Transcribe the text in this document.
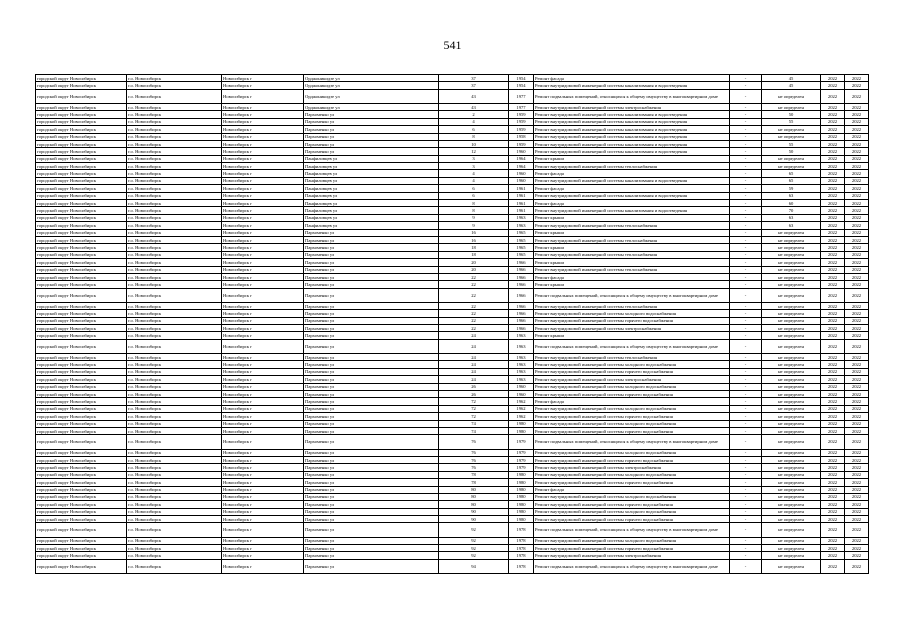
541
городской округ Новосибирск	г.о. Новосибирск	Новосибирск г	Орджоникидзе ул	37	1954	Ремонт фасада	-	45	2022	2022
городской округ Новосибирск	г.о. Новосибирск	Новосибирск г	Орджоникидзе ул	37	1954	Ремонт внутридомовой инженерной системы канализования и водоотведения	-	45	2022	2022
городской округ Новосибирск	г.о. Новосибирск	Новосибирск г	Орджоникидзе ул	43	1977	Ремонт подвальных помещений, относящихся к общему имуществу в многоквартирном доме	-	не определен	2022	2022
городской округ Новосибирск	г.о. Новосибирск	Новосибирск г	Орджоникидзе ул	43	1977	Ремонт внутридомовой инженерной системы электроснабжения	-	не определен	2022	2022
городской округ Новосибирск	г.о. Новосибирск	Новосибирск г	Пархоменко ул	2	1959	Ремонт внутридомовой инженерной системы канализования и водоотведения	-	50	2022	2022
городской округ Новосибирск	г.о. Новосибирск	Новосибирск г	Пархоменко ул	4	1959	Ремонт внутридомовой инженерной системы канализования и водоотведения	-	55	2022	2022
городской округ Новосибирск	г.о. Новосибирск	Новосибирск г	Пархоменко ул	6	1959	Ремонт внутридомовой инженерной системы канализования и водоотведения	-	не определен	2022	2022
городской округ Новосибирск	г.о. Новосибирск	Новосибирск г	Пархоменко ул	8	1958	Ремонт внутридомовой инженерной системы канализования и водоотведения	-	не определен	2022	2022
городской округ Новосибирск	г.о. Новосибирск	Новосибирск г	Пархоменко ул	10	1959	Ремонт внутридомовой инженерной системы канализования и водоотведения	-	55	2022	2022
городской округ Новосибирск	г.о. Новосибирск	Новосибирск г	Пархоменко ул	12	1960	Ремонт внутридомовой инженерной системы канализования и водоотведения	-	50	2022	2022
городской округ Новосибирск	г.о. Новосибирск	Новосибирск г	Панфиловцев ул	3	1964	Ремонт крыши	-	не определен	2022	2022
городской округ Новосибирск	г.о. Новосибирск	Новосибирск г	Панфиловцев ул	3	1964	Ремонт внутридомовой инженерной системы теплоснабжения	-	не определен	2022	2022
городской округ Новосибирск	г.о. Новосибирск	Новосибирск г	Панфиловцев ул	4	1960	Ремонт фасада	-	65	2022	2022
городской округ Новосибирск	г.о. Новосибирск	Новосибирск г	Панфиловцев ул	4	1960	Ремонт внутридомовой инженерной системы канализования и водоотведения	-	65	2022	2022
городской округ Новосибирск	г.о. Новосибирск	Новосибирск г	Панфиловцев ул	6	1961	Ремонт фасада	-	59	2022	2022
городской округ Новосибирск	г.о. Новосибирск	Новосибирск г	Панфиловцев ул	6	1961	Ремонт внутридомовой инженерной системы канализования и водоотведения	-	63	2022	2022
городской округ Новосибирск	г.о. Новосибирск	Новосибирск г	Панфиловцев ул	8	1961	Ремонт фасада	-	60	2022	2022
городской округ Новосибирск	г.о. Новосибирск	Новосибирск г	Панфиловцев ул	8	1961	Ремонт внутридомовой инженерной системы канализования и водоотведения	-	70	2022	2022
городской округ Новосибирск	г.о. Новосибирск	Новосибирск г	Панфиловцев ул	9	1963	Ремонт крыши	-	63	2022	2022
городской округ Новосибирск	г.о. Новосибирск	Новосибирск г	Панфиловцев ул	9	1963	Ремонт внутридомовой инженерной системы теплоснабжения	-	63	2022	2022
городской округ Новосибирск	г.о. Новосибирск	Новосибирск г	Пархоменко ул	16	1965	Ремонт крыши	-	не определен	2022	2022
городской округ Новосибирск	г.о. Новосибирск	Новосибирск г	Пархоменко ул	16	1965	Ремонт внутридомовой инженерной системы теплоснабжения	-	не определен	2022	2022
городской округ Новосибирск	г.о. Новосибирск	Новосибирск г	Пархоменко ул	18	1965	Ремонт крыши	-	не определен	2022	2022
городской округ Новосибирск	г.о. Новосибирск	Новосибирск г	Пархоменко ул	18	1965	Ремонт внутридомовой инженерной системы теплоснабжения	-	не определен	2022	2022
городской округ Новосибирск	г.о. Новосибирск	Новосибирск г	Пархоменко ул	20	1966	Ремонт крыши	-	не определен	2022	2022
городской округ Новосибирск	г.о. Новосибирск	Новосибирск г	Пархоменко ул	20	1966	Ремонт внутридомовой инженерной системы теплоснабжения	-	не определен	2022	2022
городской округ Новосибирск	г.о. Новосибирск	Новосибирск г	Пархоменко ул	22	1966	Ремонт фасада	-	не определен	2022	2022
городской округ Новосибирск	г.о. Новосибирск	Новосибирск г	Пархоменко ул	22	1966	Ремонт крыши	-	не определен	2022	2022
городской округ Новосибирск	г.о. Новосибирск	Новосибирск г	Пархоменко ул	22	1966	Ремонт подвальных помещений, относящихся к общему имуществу в многоквартирном доме	-	не определен	2022	2022
городской округ Новосибирск	г.о. Новосибирск	Новосибирск г	Пархоменко ул	22	1966	Ремонт внутридомовой инженерной системы теплоснабжения	-	не определен	2022	2022
городской округ Новосибирск	г.о. Новосибирск	Новосибирск г	Пархоменко ул	22	1966	Ремонт внутридомовой инженерной системы холодного водоснабжения	-	не определен	2022	2022
городской округ Новосибирск	г.о. Новосибирск	Новосибирск г	Пархоменко ул	22	1966	Ремонт внутридомовой инженерной системы горячего водоснабжения	-	не определен	2022	2022
городской округ Новосибирск	г.о. Новосибирск	Новосибирск г	Пархоменко ул	22	1966	Ремонт внутридомовой инженерной системы электроснабжения	-	не определен	2022	2022
городской округ Новосибирск	г.о. Новосибирск	Новосибирск г	Пархоменко ул	24	1963	Ремонт крыши	-	не определен	2022	2022
городской округ Новосибирск	г.о. Новосибирск	Новосибирск г	Пархоменко ул	24	1963	Ремонт подвальных помещений, относящихся к общему имуществу в многоквартирном доме	-	не определен	2022	2022
городской округ Новосибирск	г.о. Новосибирск	Новосибирск г	Пархоменко ул	24	1963	Ремонт внутридомовой инженерной системы теплоснабжения	-	не определен	2022	2022
городской округ Новосибирск	г.о. Новосибирск	Новосибирск г	Пархоменко ул	24	1963	Ремонт внутридомовой инженерной системы холодного водоснабжения	-	не определен	2022	2022
городской округ Новосибирск	г.о. Новосибирск	Новосибирск г	Пархоменко ул	24	1963	Ремонт внутридомовой инженерной системы горячего водоснабжения	-	не определен	2022	2022
городской округ Новосибирск	г.о. Новосибирск	Новосибирск г	Пархоменко ул	24	1963	Ремонт внутридомовой инженерной системы электроснабжения	-	не определен	2022	2022
городской округ Новосибирск	г.о. Новосибирск	Новосибирск г	Пархоменко ул	26	1960	Ремонт внутридомовой инженерной системы холодного водоснабжения	-	не определен	2022	2022
городской округ Новосибирск	г.о. Новосибирск	Новосибирск г	Пархоменко ул	26	1960	Ремонт внутридомовой инженерной системы горячего водоснабжения	-	не определен	2022	2022
городской округ Новосибирск	г.о. Новосибирск	Новосибирск г	Пархоменко ул	72	1962	Ремонт фасада	-	не определен	2022	2022
городской округ Новосибирск	г.о. Новосибирск	Новосибирск г	Пархоменко ул	72	1962	Ремонт внутридомовой инженерной системы холодного водоснабжения	-	не определен	2022	2022
городской округ Новосибирск	г.о. Новосибирск	Новосибирск г	Пархоменко ул	72	1962	Ремонт внутридомовой инженерной системы горячего водоснабжения	-	не определен	2022	2022
городской округ Новосибирск	г.о. Новосибирск	Новосибирск г	Пархоменко ул	74	1980	Ремонт внутридомовой инженерной системы холодного водоснабжения	-	не определен	2022	2022
городской округ Новосибирск	г.о. Новосибирск	Новосибирск г	Пархоменко ул	74	1980	Ремонт внутридомовой инженерной системы горячего водоснабжения	-	не определен	2022	2022
городской округ Новосибирск	г.о. Новосибирск	Новосибирск г	Пархоменко ул	76	1979	Ремонт подвальных помещений, относящихся к общему имуществу в многоквартирном доме	-	не определен	2022	2022
городской округ Новосибирск	г.о. Новосибирск	Новосибирск г	Пархоменко ул	76	1979	Ремонт внутридомовой инженерной системы холодного водоснабжения	-	не определен	2022	2022
городской округ Новосибирск	г.о. Новосибирск	Новосибирск г	Пархоменко ул	76	1979	Ремонт внутридомовой инженерной системы горячего водоснабжения	-	не определен	2022	2022
городской округ Новосибирск	г.о. Новосибирск	Новосибирск г	Пархоменко ул	76	1979	Ремонт внутридомовой инженерной системы электроснабжения	-	не определен	2022	2022
городской округ Новосибирск	г.о. Новосибирск	Новосибирск г	Пархоменко ул	78	1980	Ремонт внутридомовой инженерной системы холодного водоснабжения	-	не определен	2022	2022
городской округ Новосибирск	г.о. Новосибирск	Новосибирск г	Пархоменко ул	78	1980	Ремонт внутридомовой инженерной системы горячего водоснабжения	-	не определен	2022	2022
городской округ Новосибирск	г.о. Новосибирск	Новосибирск г	Пархоменко ул	80	1980	Ремонт фасада	-	не определен	2022	2022
городской округ Новосибирск	г.о. Новосибирск	Новосибирск г	Пархоменко ул	80	1980	Ремонт внутридомовой инженерной системы холодного водоснабжения	-	не определен	2022	2022
городской округ Новосибирск	г.о. Новосибирск	Новосибирск г	Пархоменко ул	80	1980	Ремонт внутридомовой инженерной системы горячего водоснабжения	-	не определен	2022	2022
городской округ Новосибирск	г.о. Новосибирск	Новосибирск г	Пархоменко ул	90	1980	Ремонт внутридомовой инженерной системы холодного водоснабжения	-	не определен	2022	2022
городской округ Новосибирск	г.о. Новосибирск	Новосибирск г	Пархоменко ул	90	1980	Ремонт внутридомовой инженерной системы горячего водоснабжения	-	не определен	2022	2022
городской округ Новосибирск	г.о. Новосибирск	Новосибирск г	Пархоменко ул	92	1978	Ремонт подвальных помещений, относящихся к общему имуществу в многоквартирном доме	-	не определен	2022	2022
городской округ Новосибирск	г.о. Новосибирск	Новосибирск г	Пархоменко ул	92	1978	Ремонт внутридомовой инженерной системы холодного водоснабжения	-	не определен	2022	2022
городской округ Новосибирск	г.о. Новосибирск	Новосибирск г	Пархоменко ул	92	1978	Ремонт внутридомовой инженерной системы горячего водоснабжения	-	не определен	2022	2022
городской округ Новосибирск	г.о. Новосибирск	Новосибирск г	Пархоменко ул	92	1978	Ремонт внутридомовой инженерной системы электроснабжения	-	не определен	2022	2022
городской округ Новосибирск	г.о. Новосибирск	Новосибирск г	Пархоменко ул	94	1978	Ремонт подвальных помещений, относящихся к общему имуществу в многоквартирном доме	-	не определен	2022	2022
